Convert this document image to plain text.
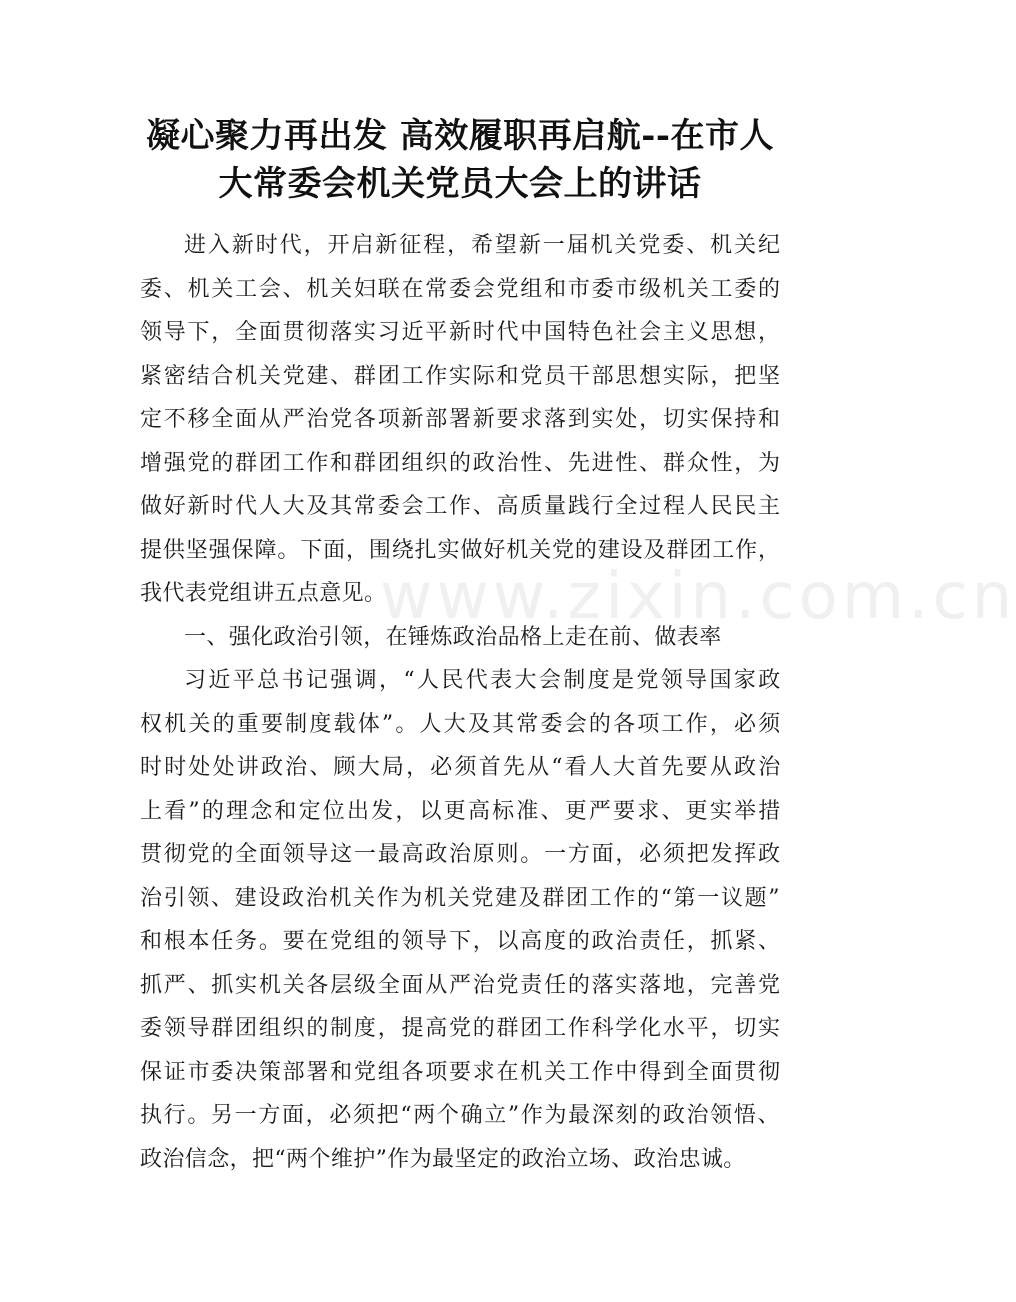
www.zixin.com.cn
凝心聚力再出发 高效履职再启航--在市人
大常委会机关党员大会上的讲话

进入新时代，开启新征程，希望新一届机关党委、机关纪
委、机关工会、机关妇联在常委会党组和市委市级机关工委的
领导下，全面贯彻落实习近平新时代中国特色社会主义思想，
紧密结合机关党建、群团工作实际和党员干部思想实际，把坚
定不移全面从严治党各项新部署新要求落到实处，切实保持和
增强党的群团工作和群团组织的政治性、先进性、群众性，为
做好新时代人大及其常委会工作、高质量践行全过程人民民主
提供坚强保障。下面，围绕扎实做好机关党的建设及群团工作，
我代表党组讲五点意见。

一、强化政治引领，在锤炼政治品格上走在前、做表率

习近平总书记强调，“人民代表大会制度是党领导国家政
权机关的重要制度载体”。人大及其常委会的各项工作，必须
时时处处讲政治、顾大局，必须首先从“看人大首先要从政治
上看”的理念和定位出发，以更高标准、更严要求、更实举措
贯彻党的全面领导这一最高政治原则。一方面，必须把发挥政
治引领、建设政治机关作为机关党建及群团工作的“第一议题”
和根本任务。要在党组的领导下，以高度的政治责任，抓紧、
抓严、抓实机关各层级全面从严治党责任的落实落地，完善党
委领导群团组织的制度，提高党的群团工作科学化水平，切实
保证市委决策部署和党组各项要求在机关工作中得到全面贯彻
执行。另一方面，必须把“两个确立”作为最深刻的政治领悟、
政治信念，把“两个维护”作为最坚定的政治立场、政治忠诚。
